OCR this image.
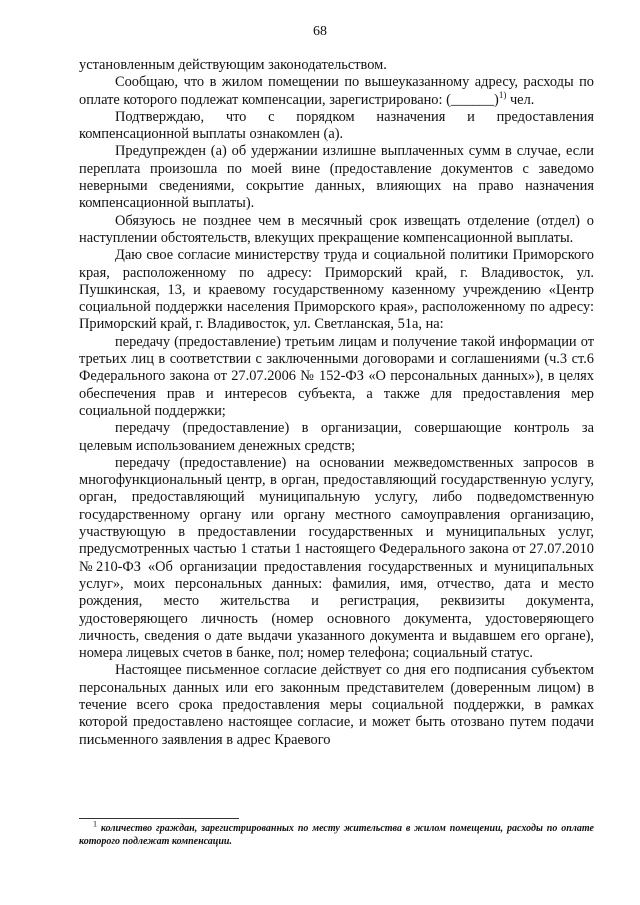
68

установленным действующим законодательством.

Сообщаю, что в жилом помещении по вышеуказанному адресу, расходы по оплате которого подлежат компенсации, зарегистрировано: (______)$^{1)}$ чел.

Подтверждаю, что с порядком назначения и предоставления компенсационной выплаты ознакомлен (а).

Предупрежден (а) об удержании излишне выплаченных сумм в случае, если переплата произошла по моей вине (предоставление документов с заведомо неверными сведениями, сокрытие данных, влияющих на право назначения компенсационной выплаты).

Обязуюсь не позднее чем в месячный срок извещать отделение (отдел) о наступлении обстоятельств, влекущих прекращение компенсационной выплаты.

Даю свое согласие министерству труда и социальной политики Приморского края, расположенному по адресу: Приморский край, г. Владивосток, ул. Пушкинская, 13, и краевому государственному казенному учреждению «Центр социальной поддержки населения Приморского края», расположенному по адресу: Приморский край, г. Владивосток, ул. Светланская, 51а, на:

передачу (предоставление) третьим лицам и получение такой информации от третьих лиц в соответствии с заключенными договорами и соглашениями (ч.3 ст.6 Федерального закона от 27.07.2006 № 152-ФЗ «О персональных данных»), в целях обеспечения прав и интересов субъекта, а также для предоставления мер социальной поддержки;

передачу (предоставление) в организации, совершающие контроль за целевым использованием денежных средств;

передачу (предоставление) на основании межведомственных запросов в многофункциональный центр, в орган, предоставляющий государственную услугу, орган, предоставляющий муниципальную услугу, либо подведомственную государственному органу или органу местного самоуправления организацию, участвующую в предоставлении государственных и муниципальных услуг, предусмотренных частью 1 статьи 1 настоящего Федерального закона от 27.07.2010 №210-ФЗ «Об организации предоставления государственных и муниципальных услуг», моих персональных данных: фамилия, имя, отчество, дата и место рождения, место жительства и регистрация, реквизиты документа, удостоверяющего личность (номер основного документа, удостоверяющего личность, сведения о дате выдачи указанного документа и выдавшем его органе), номера лицевых счетов в банке, пол; номер телефона; социальный статус.

Настоящее письменное согласие действует со дня его подписания субъектом персональных данных или его законным представителем (доверенным лицом) в течение всего срока предоставления меры социальной поддержки, в рамках которой предоставлено настоящее согласие, и может быть отозвано путем подачи письменного заявления в адрес Краевого

$^1$ количество граждан, зарегистрированных по месту жительства в жилом помещении, расходы по оплате которого подлежат компенсации.
